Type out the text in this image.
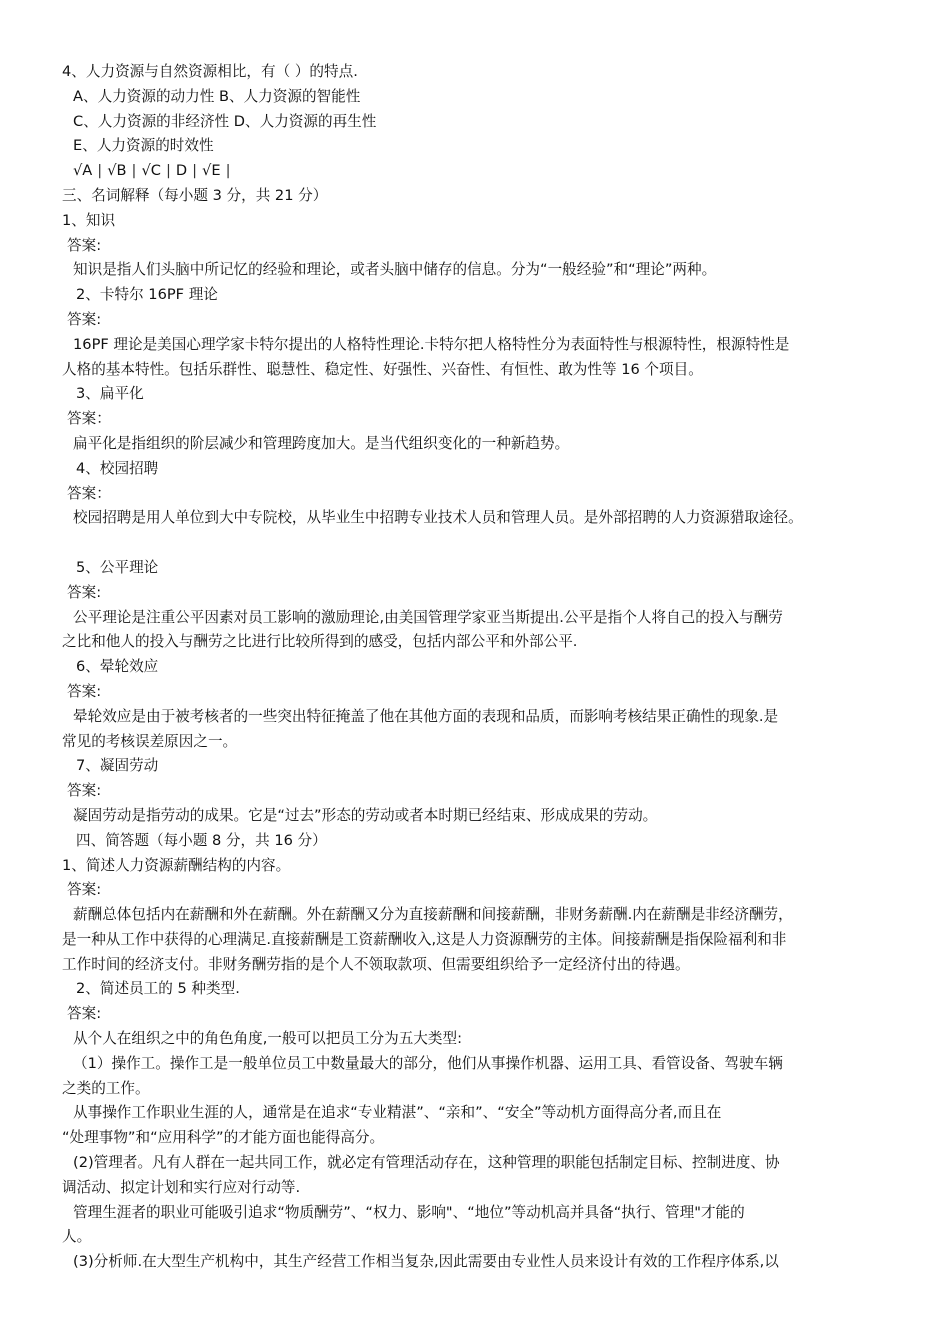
4、人力资源与自然资源相比，有（ ）的特点.
A、人力资源的动力性 B、人力资源的智能性
C、人力资源的非经济性 D、人力资源的再生性
E、人力资源的时效性
√A | √B | √C | D | √E |
三、名词解释（每小题 3 分，共 21 分）
1、知识
答案:
知识是指人们头脑中所记忆的经验和理论，或者头脑中储存的信息。分为“一般经验”和“理论”两种。
2、卡特尔 16PF 理论
答案:
16PF 理论是美国心理学家卡特尔提出的人格特性理论.卡特尔把人格特性分为表面特性与根源特性，根源特性是
人格的基本特性。包括乐群性、聪慧性、稳定性、好强性、兴奋性、有恒性、敢为性等 16 个项目。
3、扁平化
答案：
扁平化是指组织的阶层减少和管理跨度加大。是当代组织变化的一种新趋势。
4、校园招聘
答案：
校园招聘是用人单位到大中专院校，从毕业生中招聘专业技术人员和管理人员。是外部招聘的人力资源猎取途径。
5、公平理论
答案:
公平理论是注重公平因素对员工影响的激励理论,由美国管理学家亚当斯提出.公平是指个人将自己的投入与酬劳
之比和他人的投入与酬劳之比进行比较所得到的感受，包括内部公平和外部公平.
6、晕轮效应
答案:
晕轮效应是由于被考核者的一些突出特征掩盖了他在其他方面的表现和品质，而影响考核结果正确性的现象.是
常见的考核误差原因之一。
7、凝固劳动
答案:
凝固劳动是指劳动的成果。它是“过去”形态的劳动或者本时期已经结束、形成成果的劳动。
四、简答题（每小题 8 分，共 16 分）
1、简述人力资源薪酬结构的内容。
答案:
薪酬总体包括内在薪酬和外在薪酬。外在薪酬又分为直接薪酬和间接薪酬，非财务薪酬.内在薪酬是非经济酬劳，
是一种从工作中获得的心理满足.直接薪酬是工资薪酬收入,这是人力资源酬劳的主体。间接薪酬是指保险福利和非
工作时间的经济支付。非财务酬劳指的是个人不领取款项、但需要组织给予一定经济付出的待遇。
2、简述员工的 5 种类型.
答案:
从个人在组织之中的角色角度,一般可以把员工分为五大类型:
（1）操作工。操作工是一般单位员工中数量最大的部分，他们从事操作机器、运用工具、看管设备、驾驶车辆
之类的工作。
从事操作工作职业生涯的人，通常是在追求“专业精湛”、“亲和”、“安全”等动机方面得高分者,而且在
“处理事物”和“应用科学”的才能方面也能得高分。
(2)管理者。凡有人群在一起共同工作，就必定有管理活动存在，这种管理的职能包括制定目标、控制进度、协
调活动、拟定计划和实行应对行动等.
管理生涯者的职业可能吸引追求“物质酬劳”、“权力、影响"、“地位”等动机高并具备“执行、管理"才能的
人。
(3)分析师.在大型生产机构中，其生产经营工作相当复杂,因此需要由专业性人员来设计有效的工作程序体系,以
